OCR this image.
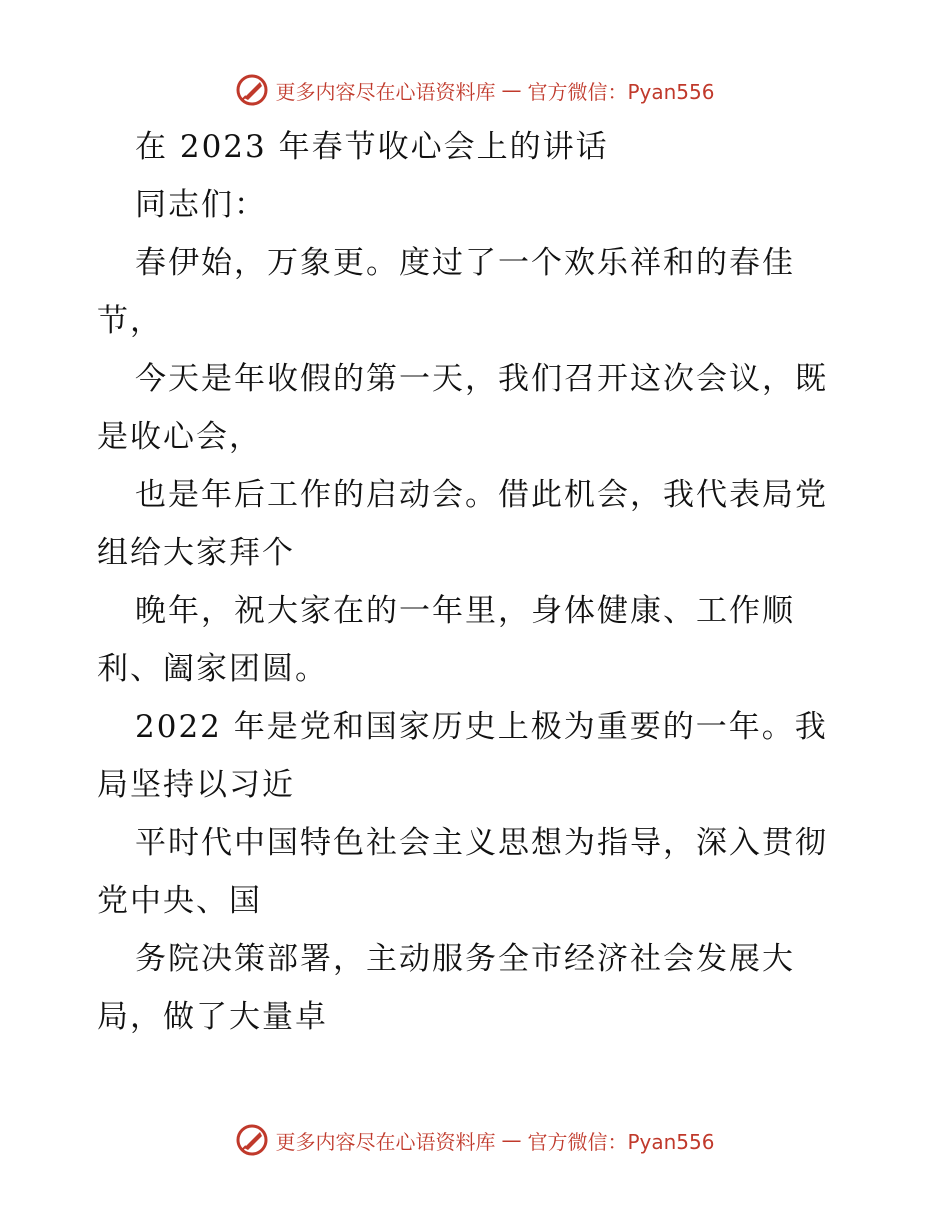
更多内容尽在心语资料库 — 官方微信：Pyan556
在 2023 年春节收心会上的讲话
同志们：
春伊始，万象更。度过了一个欢乐祥和的春佳
节，
今天是年收假的第一天，我们召开这次会议，既
是收心会，
也是年后工作的启动会。借此机会，我代表局党
组给大家拜个
晚年，祝大家在的一年里，身体健康、工作顺
利、阖家团圆。
2022 年是党和国家历史上极为重要的一年。我
局坚持以习近
平时代中国特色社会主义思想为指导，深入贯彻
党中央、国
务院决策部署，主动服务全市经济社会发展大
局，做了大量卓
更多内容尽在心语资料库 — 官方微信：Pyan556
